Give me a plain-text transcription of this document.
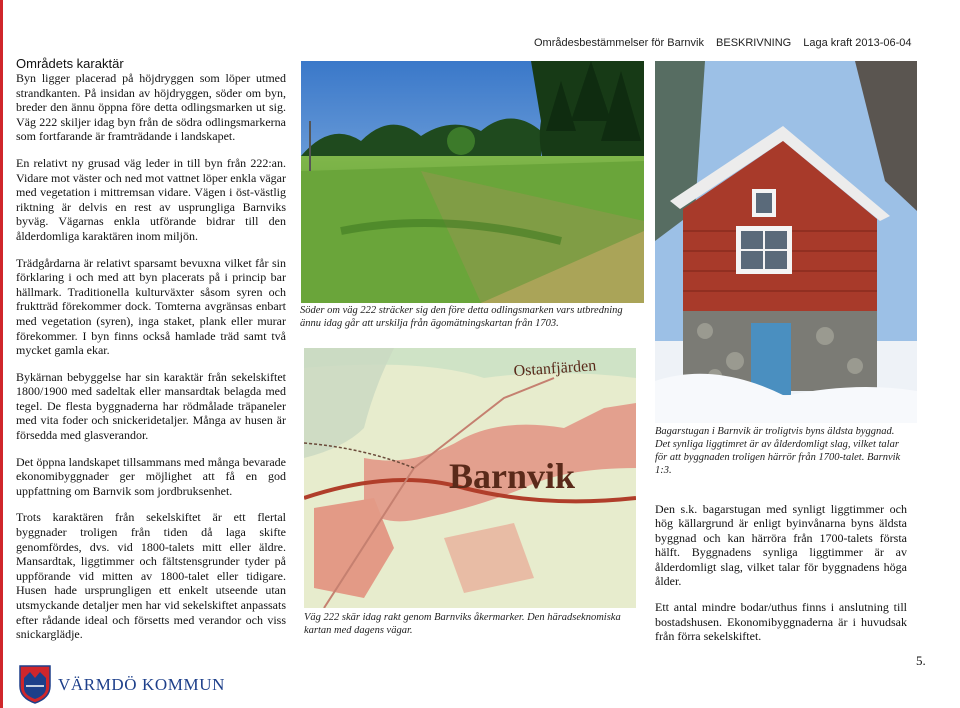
Områdesbestämmelser för Barnvik BESKRIVNING Laga kraft 2013-06-04
Områdets karaktär

Byn ligger placerad på höjdryggen som löper utmed strandkanten. På insidan av höjdryggen, söder om byn, breder den ännu öppna före detta odlingsmarken ut sig. Väg 222 skiljer idag byn från de södra odlingsmarkerna som fortfarande är framträdande i landskapet.

En relativt ny grusad väg leder in till byn från 222:an. Vidare mot väster och ned mot vattnet löper enkla vägar med vegetation i mittremsan vidare. Vägen i öst-västlig riktning är delvis en rest av usprungliga Barnviks byväg. Vägarnas enkla utförande bidrar till den ålderdomliga karaktären inom miljön.

Trädgårdarna är relativt sparsamt bevuxna vilket får sin förklaring i och med att byn placerats på i princip bar hällmark. Traditionella kulturväxter såsom syren och fruktträd förekommer dock. Tomterna avgränsas enbart med vegetation (syren), inga staket, plank eller murar förekommer. I byn finns också hamlade träd samt två mycket gamla ekar.

Bykärnan bebyggelse har sin karaktär från sekelskiftet 1800/1900 med sadeltak eller mansardtak belagda med tegel. De flesta byggnaderna har rödmålade träpaneler med vita foder och snickeridetaljer. Många av husen är försedda med glasverandor.

Det öppna landskapet tillsammans med många bevarade ekonomibyggnader ger möjlighet att få en god uppfattning om Barnvik som jordbruksenhet.

Trots karaktären från sekelskiftet är ett flertal byggnader troligen från tiden då laga skifte genomfördes, dvs. vid 1800-talets mitt eller äldre. Mansardtak, liggtimmer och fältstensgrunder tyder på uppförande vid mitten av 1800-talet eller tidigare. Husen hade ursprungligen ett enkelt utseende utan utsmyckande detaljer men har vid sekelskiftet anpassats efter rådande ideal och försetts med verandor och viss snickarglädje.

Söder om väg 222 sträcker sig den före detta odlingsmarken vars utbredning ännu idag går att urskilja från ägomätningskartan från 1703.
Barnvik
Ostanfjärden
Väg 222 skär idag rakt genom Barnviks åkermarker. Den häradseknomiska kartan med dagens vägar.
Bagarstugan i Barnvik är troligtvis byns äldsta byggnad. Det synliga liggtimret är av ålderdomligt slag, vilket talar för att byggnaden troligen härrör från 1700-talet. Barnvik 1:3.

Den s.k. bagarstugan med synligt liggtimmer och hög källargrund är enligt byinvånarna byns äldsta byggnad och kan härröra från 1700-talets första hälft. Byggnadens synliga liggtimmer är av ålderdomligt slag, vilket talar för byggnadens höga ålder.

Ett antal mindre bodar/uthus finns i anslutning till bostadshusen. Ekonomibyggnaderna är i huvudsak från förra sekelskiftet.

5.
VÄRMDÖ KOMMUN
